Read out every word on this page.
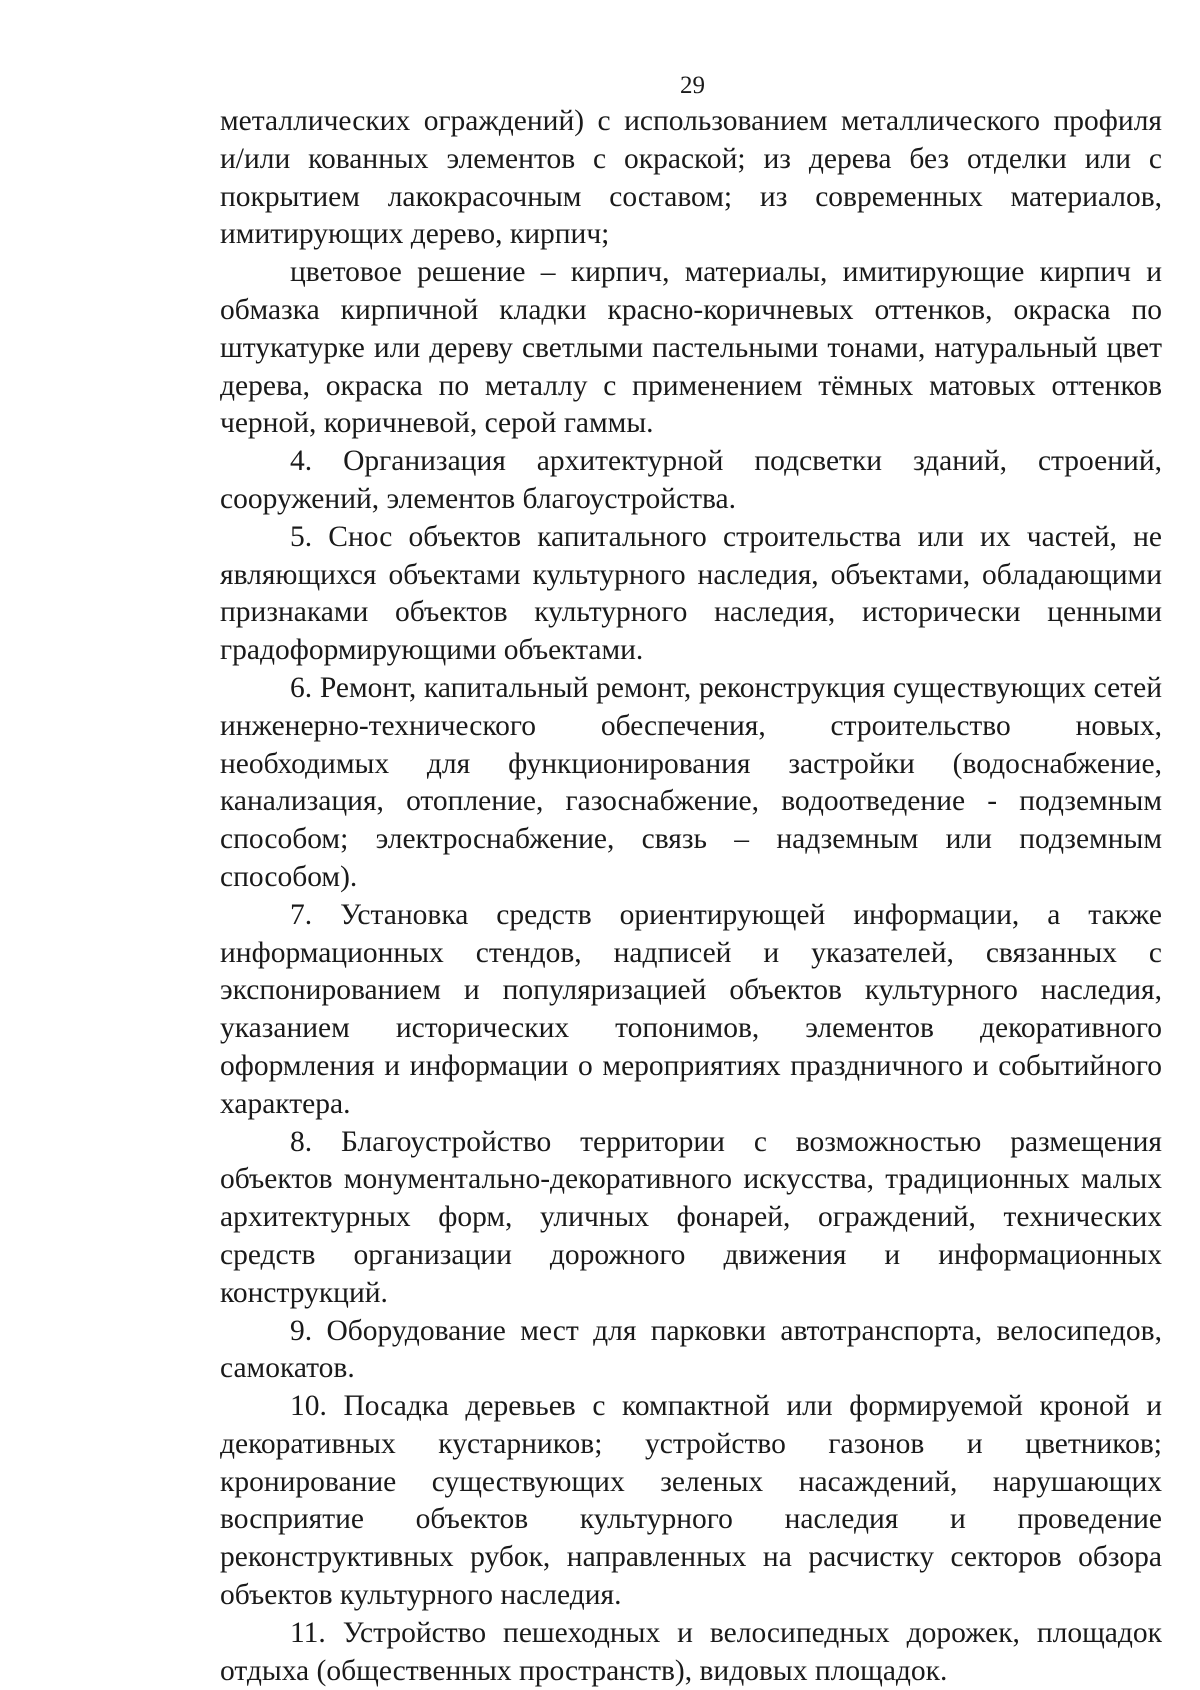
29

металлических ограждений) с использованием металлического профиля и/или кованных элементов с окраской; из дерева без отделки или с покрытием лакокрасочным составом; из современных материалов, имитирующих дерево, кирпич;

цветовое решение – кирпич, материалы, имитирующие кирпич и обмазка кирпичной кладки красно-коричневых оттенков, окраска по штукатурке или дереву светлыми пастельными тонами, натуральный цвет дерева, окраска по металлу с применением тёмных матовых оттенков черной, коричневой, серой гаммы.

4. Организация архитектурной подсветки зданий, строений, сооружений, элементов благоустройства.

5. Снос объектов капитального строительства или их частей, не являющихся объектами культурного наследия, объектами, обладающими признаками объектов культурного наследия, исторически ценными градоформирующими объектами.

6. Ремонт, капитальный ремонт, реконструкция существующих сетей инженерно-технического обеспечения, строительство новых, необходимых для функционирования застройки (водоснабжение, канализация, отопление, газоснабжение, водоотведение - подземным способом; электроснабжение, связь – надземным или подземным способом).

7. Установка средств ориентирующей информации, а также информационных стендов, надписей и указателей, связанных с экспонированием и популяризацией объектов культурного наследия, указанием исторических топонимов, элементов декоративного оформления и информации о мероприятиях праздничного и событийного характера.

8. Благоустройство территории с возможностью размещения объектов монументально-декоративного искусства, традиционных малых архитектурных форм, уличных фонарей, ограждений, технических средств организации дорожного движения и информационных конструкций.

9. Оборудование мест для парковки автотранспорта, велосипедов, самокатов.

10. Посадка деревьев с компактной или формируемой кроной и декоративных кустарников; устройство газонов и цветников; кронирование существующих зеленых насаждений, нарушающих восприятие объектов культурного наследия и проведение реконструктивных рубок, направленных на расчистку секторов обзора объектов культурного наследия.

11. Устройство пешеходных и велосипедных дорожек, площадок отдыха (общественных пространств), видовых площадок.
